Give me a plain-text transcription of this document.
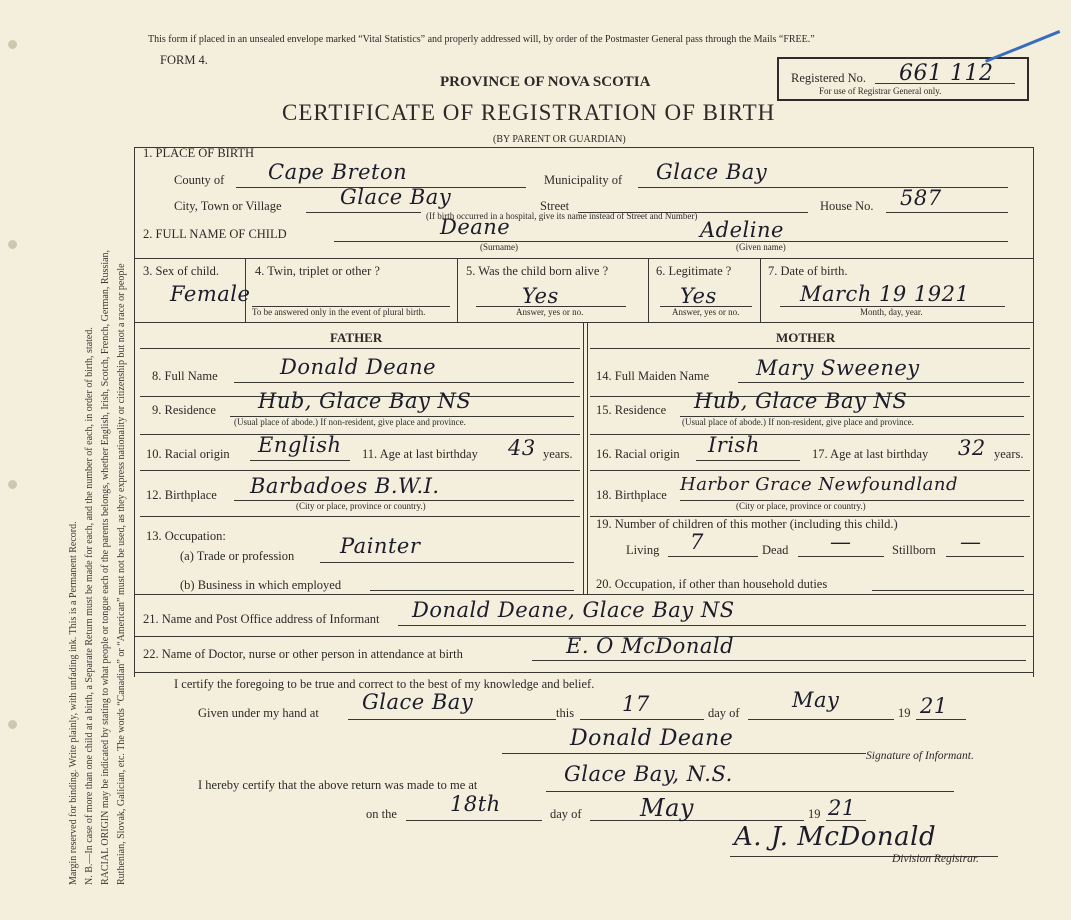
Margin reserved for binding. Write plainly, with unfading ink. This is a Permanent Record. N. B.—In case of more than one child at a birth, a Separate Return must be made for each, and the number of each, in order of birth, stated. RACIAL ORIGIN may be indicated by stating to what people or tongue each of the parents belongs, whether English, Irish, Scotch, French, German, Russian, Ruthenian, Slovak, Galician, etc. The words “Canadian” or “American” must not be used, as they express nationality or citizenship but not a race or people
This form if placed in an unsealed envelope marked “Vital Statistics” and properly addressed will, by order of the Postmaster General pass through the Mails “FREE.”
FORM 4.
PROVINCE OF NOVA SCOTIA
CERTIFICATE OF REGISTRATION OF BIRTH
(BY PARENT OR GUARDIAN)
Registered No. 661 112
For use of Registrar General only.
1. PLACE OF BIRTH
County of Cape Breton	Municipality of Glace Bay
City, Town or Village	Glace Bay	Street
(If birth occurred in a hospital, give its name instead of Street and Number)
House No. 587
2. FULL NAME OF CHILD	Deane
(Surname)
Adeline
(Given name)
3. Sex of child.
Female
4. Twin, triplet or other ?
To be answered only in the event of plural birth.
5. Was the child born alive ?
Yes
Answer, yes or no.
6. Legitimate ?
Yes
Answer, yes or no.
7. Date of birth.
March 19 1921
Month, day, year.
FATHER	MOTHER
8. Full Name	Donald Deane
9. Residence Hub, Glace Bay NS
(Usual place of abode.) If non-resident, give place and province.
10. Racial origin English 11. Age at last birthday 43 years.
12. Birthplace Barbadoes B.W.I.
(City or place, province or country.)
13. Occupation:
(a) Trade or profession Painter
(b) Business in which employed
14. Full Maiden Name Mary Sweeney
15. Residence Hub, Glace Bay NS
(Usual place of abode.) If non-resident, give place and province.
16. Racial origin Irish	17. Age at last birthday 32 years.
18. Birthplace Harbor Grace Newfoundland
(City or place, province or country.)
19. Number of children of this mother (including this child.)
Living 7	Dead —	Stillborn —
20. Occupation, if other than household duties
21. Name and Post Office address of Informant Donald Deane, Glace Bay NS
22. Name of Doctor, nurse or other person in attendance at birth	E. O McDonald
I certify the foregoing to be true and correct to the best of my knowledge and belief.
Given under my hand at Glace Bay	this 17	day of
May
19 21
Donald Deane
Signature of Informant.
I hereby certify that the above return was made to me at	Glace Bay, N.S.
on the	18th	day of May	19 21
A. J. McDonald
Division Registrar.
